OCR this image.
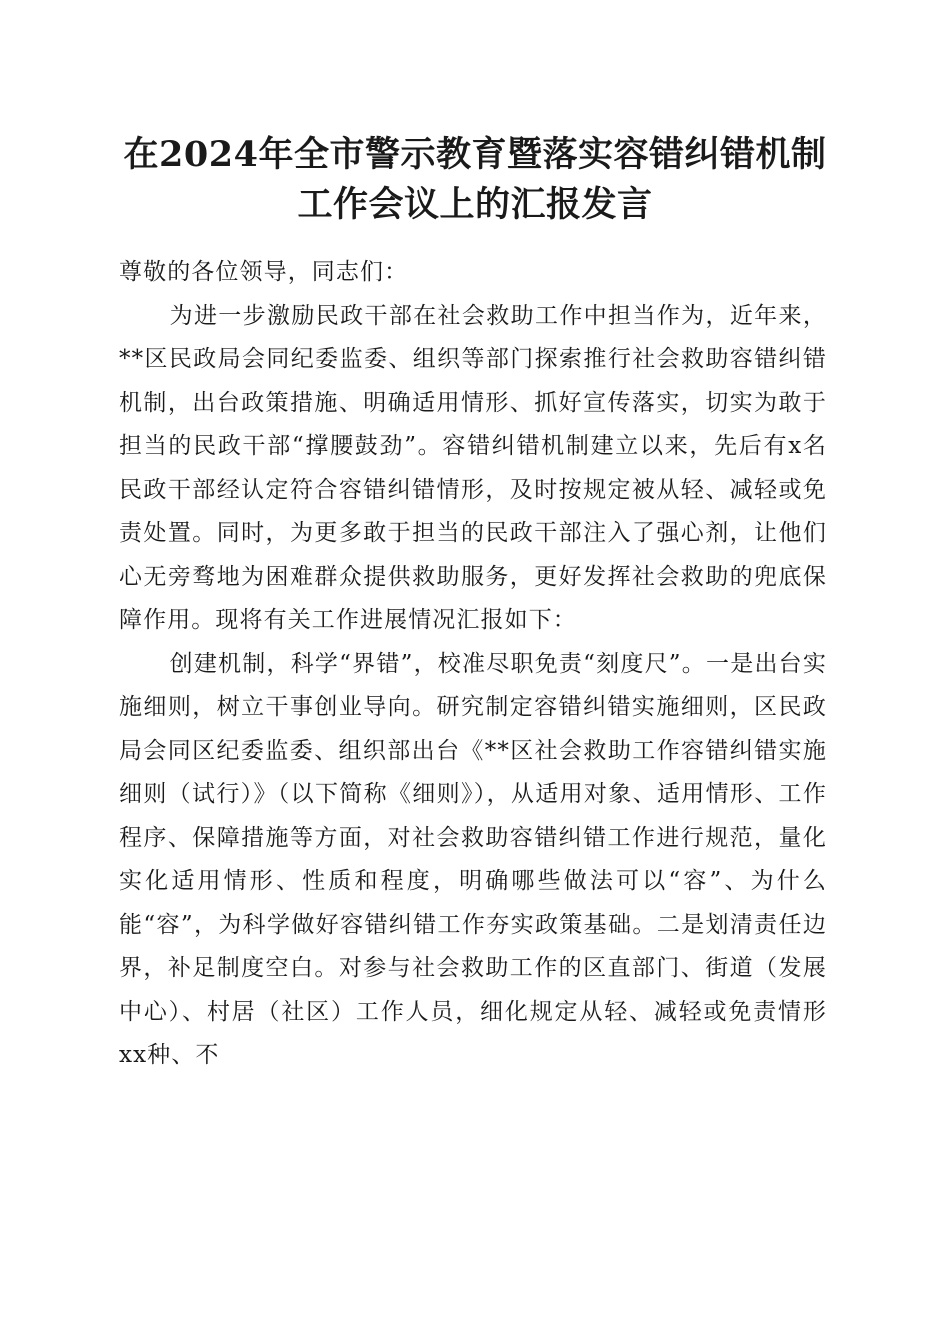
在2024年全市警示教育暨落实容错纠错机制
工作会议上的汇报发言

尊敬的各位领导，同志们：

为进一步激励民政干部在社会救助工作中担当作为，近年来，**区民政局会同纪委监委、组织等部门探索推行社会救助容错纠错机制，出台政策措施、明确适用情形、抓好宣传落实，切实为敢于担当的民政干部“撑腰鼓劲”。容错纠错机制建立以来，先后有x名民政干部经认定符合容错纠错情形，及时按规定被从轻、减轻或免责处置。同时，为更多敢于担当的民政干部注入了强心剂，让他们心无旁骛地为困难群众提供救助服务，更好发挥社会救助的兜底保障作用。现将有关工作进展情况汇报如下：

创建机制，科学“界错”，校准尽职免责“刻度尺”。一是出台实施细则，树立干事创业导向。研究制定容错纠错实施细则，区民政局会同区纪委监委、组织部出台《**区社会救助工作容错纠错实施细则（试行）》（以下简称《细则》），从适用对象、适用情形、工作程序、保障措施等方面，对社会救助容错纠错工作进行规范，量化实化适用情形、性质和程度，明确哪些做法可以“容”、为什么能“容”，为科学做好容错纠错工作夯实政策基础。二是划清责任边界，补足制度空白。对参与社会救助工作的区直部门、街道（发展中心）、村居（社区）工作人员，细化规定从轻、减轻或免责情形xx种、不
